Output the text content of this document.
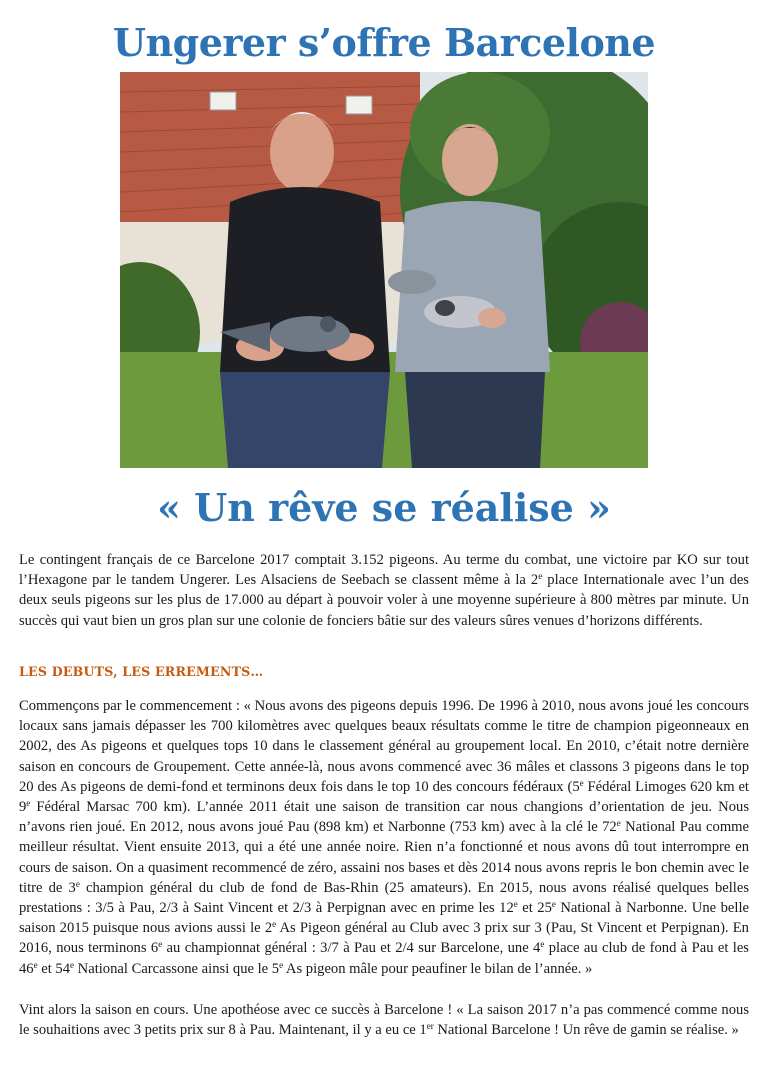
Ungerer s’offre Barcelone
« Un rêve se réalise »

Le contingent français de ce Barcelone 2017 comptait 3.152 pigeons. Au terme du combat, une victoire par KO sur tout l’Hexagone par le tandem Ungerer. Les Alsaciens de Seebach se classent même à la 2e place Internationale avec l’un des deux seuls pigeons sur les plus de 17.000 au départ à pouvoir voler à une moyenne supérieure à 800 mètres par minute. Un succès qui vaut bien un gros plan sur une colonie de fonciers bâtie sur des valeurs sûres venues d’horizons différents.

LES DEBUTS, LES ERREMENTS…

Commençons par le commencement : « Nous avons des pigeons depuis 1996. De 1996 à 2010, nous avons joué les concours locaux sans jamais dépasser les 700 kilomètres avec quelques beaux résultats comme le titre de champion pigeonneaux en 2002, des As pigeons et quelques tops 10 dans le classement général au groupement local. En 2010, c’était notre dernière saison en concours de Groupement. Cette année-là, nous avons commencé avec 36 mâles et classons 3 pigeons dans le top 20 des As pigeons de demi-fond et terminons deux fois dans le top 10 des concours fédéraux (5e Fédéral Limoges 620 km et 9e Fédéral Marsac 700 km). L’année 2011 était une saison de transition car nous changions d’orientation de jeu. Nous n’avons rien joué. En 2012, nous avons joué Pau (898 km) et Narbonne (753 km) avec à la clé le 72e National Pau comme meilleur résultat. Vient ensuite 2013, qui a été une année noire. Rien n’a fonctionné et nous avons dû tout interrompre en cours de saison. On a quasiment recommencé de zéro, assaini nos bases et dès 2014 nous avons repris le bon chemin avec le titre de 3e champion général du club de fond de Bas-Rhin (25 amateurs). En 2015, nous avons réalisé quelques belles prestations : 3/5 à Pau, 2/3 à Saint Vincent et 2/3 à Perpignan avec en prime les 12e et 25e National à Narbonne. Une belle saison 2015 puisque nous avions aussi le 2e As Pigeon général au Club avec 3 prix sur 3 (Pau, St Vincent et Perpignan). En 2016, nous terminons 6e au championnat général : 3/7 à Pau et 2/4 sur Barcelone, une 4e place au club de fond à Pau et les 46e et 54e National Carcassone ainsi que le 5e As pigeon mâle pour peaufiner le bilan de l’année. »

Vint alors la saison en cours. Une apothéose avec ce succès à Barcelone ! « La saison 2017 n’a pas commencé comme nous le souhaitions avec 3 petits prix sur 8 à Pau. Maintenant, il y a eu ce 1er National Barcelone ! Un rêve de gamin se réalise. »
